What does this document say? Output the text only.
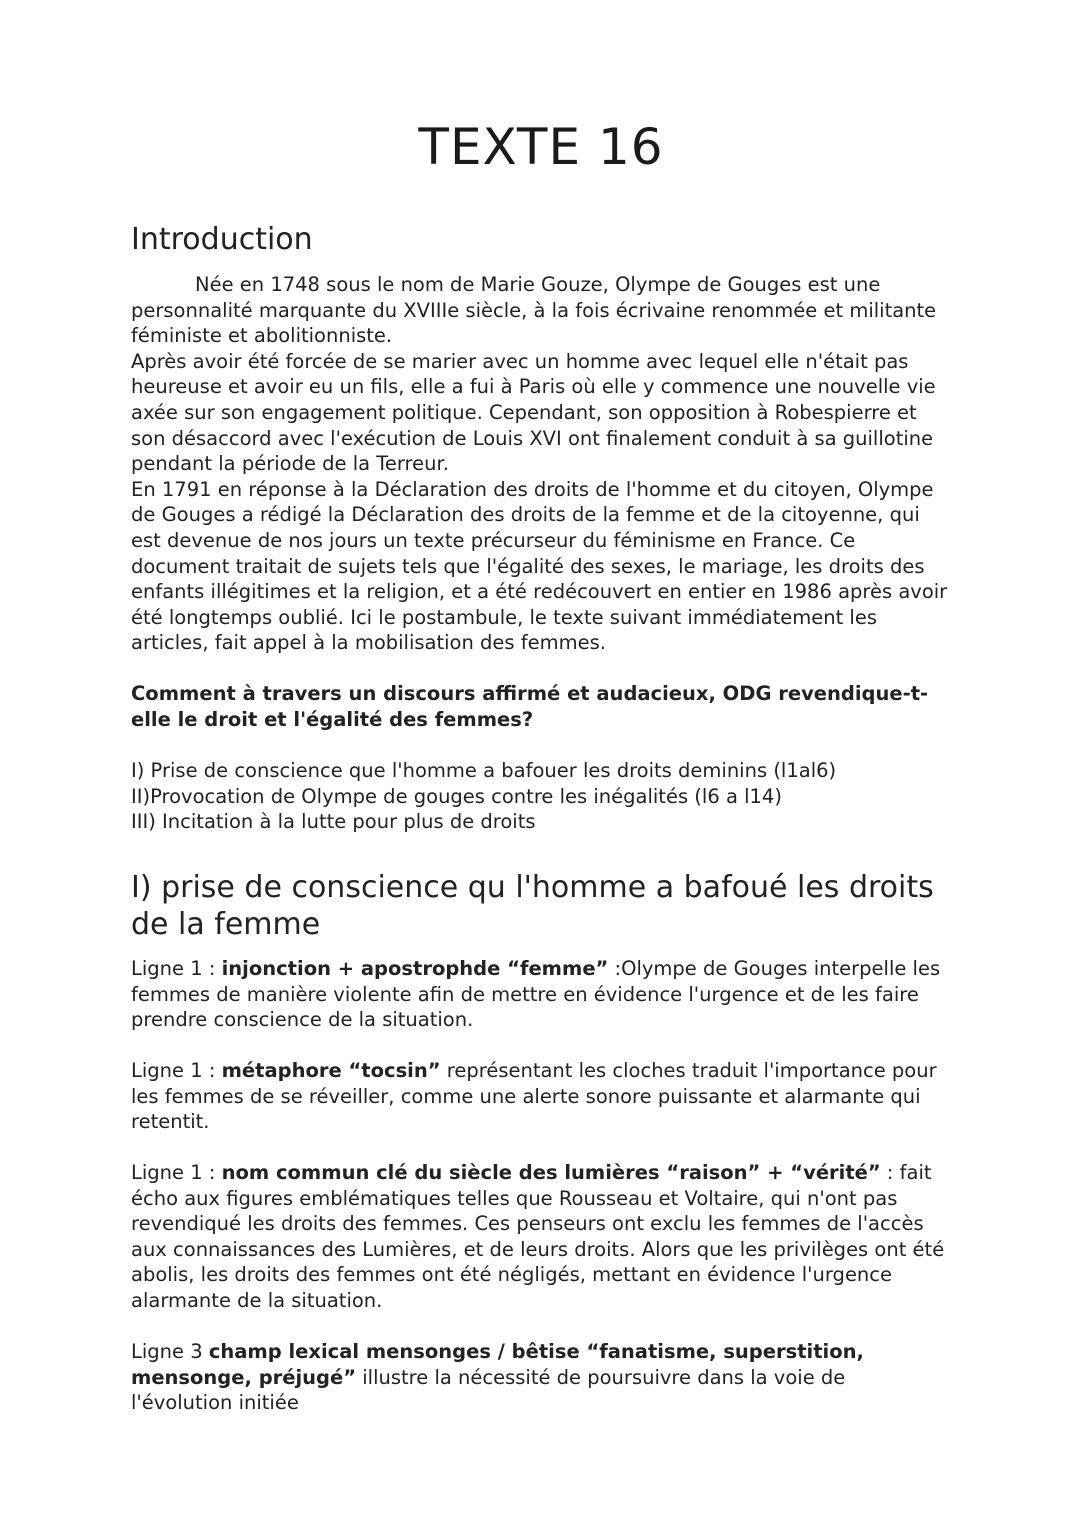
TEXTE 16
Introduction

Née en 1748 sous le nom de Marie Gouze, Olympe de Gouges est une personnalité marquante du XVIIIe siècle, à la fois écrivaine renommée et militante féministe et abolitionniste.

Après avoir été forcée de se marier avec un homme avec lequel elle n'était pas heureuse et avoir eu un fils, elle a fui à Paris où elle y commence une nouvelle vie axée sur son engagement politique. Cependant, son opposition à Robespierre et son désaccord avec l'exécution de Louis XVI ont finalement conduit à sa guillotine pendant la période de la Terreur.

En 1791 en réponse à la Déclaration des droits de l'homme et du citoyen, Olympe de Gouges a rédigé la Déclaration des droits de la femme et de la citoyenne, qui est devenue de nos jours un texte précurseur du féminisme en France. Ce document traitait de sujets tels que l'égalité des sexes, le mariage, les droits des enfants illégitimes et la religion, et a été redécouvert en entier en 1986 après avoir été longtemps oublié. Ici le postambule, le texte suivant immédiatement les articles, fait appel à la mobilisation des femmes.

Comment à travers un discours affirmé et audacieux, ODG revendique-t-elle le droit et l'égalité des femmes?
I) Prise de conscience que l'homme a bafouer les droits deminins (l1al6)
II)Provocation de Olympe de gouges contre les inégalités (l6 a l14)
III) Incitation à la lutte pour plus de droits
I) prise de conscience qu l'homme a bafoué les droits de la femme
Ligne 1 : injonction + apostrophde “femme” :Olympe de Gouges interpelle les femmes de manière violente afin de mettre en évidence l'urgence et de les faire prendre conscience de la situation.
Ligne 1 : métaphore “tocsin” représentant les cloches traduit l'importance pour les femmes de se réveiller, comme une alerte sonore puissante et alarmante qui retentit.
Ligne 1 : nom commun clé du siècle des lumières “raison” + “vérité” : fait écho aux figures emblématiques telles que Rousseau et Voltaire, qui n'ont pas revendiqué les droits des femmes. Ces penseurs ont exclu les femmes de l'accès aux connaissances des Lumières, et de leurs droits. Alors que les privilèges ont été abolis, les droits des femmes ont été négligés, mettant en évidence l'urgence alarmante de la situation.
Ligne 3 champ lexical mensonges / bêtise “fanatisme, superstition, mensonge, préjugé” illustre la nécessité de poursuivre dans la voie de l'évolution initiée
